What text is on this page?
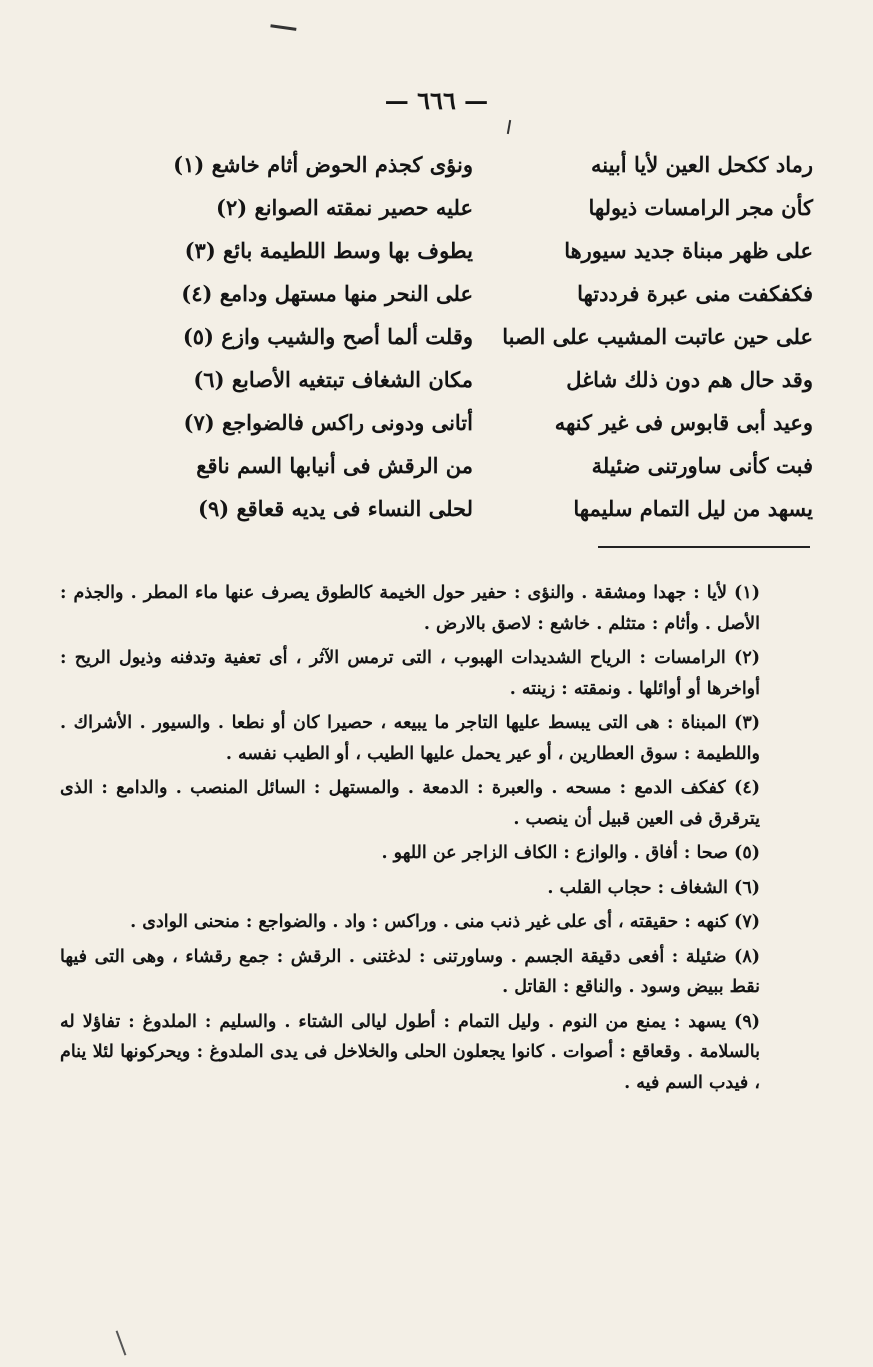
— ٦٦٦ —
رماد ككحل العين لأيا أبينه
ونؤى كجذم الحوض أثام خاشع (١)
كأن مجر الرامسات ذيولها
عليه حصير نمقته الصوانع (٢)
على ظهر مبناة جديد سيورها
يطوف بها وسط اللطيمة بائع (٣)
فكفكفت منى عبرة فرددتها
على النحر منها مستهل ودامع (٤)
على حين عاتبت المشيب على الصبا
وقلت ألما أصح والشيب وازع (٥)
وقد حال هم دون ذلك شاغل
مكان الشغاف تبتغيه الأصابع (٦)
وعيد أبى قابوس فى غير كنهه
أتانى ودونى راكس فالضواجع (٧)
فبت كأنى ساورتنى ضئيلة
من الرقش فى أنيابها السم ناقع
يسهد من ليل التمام سليمها
لحلى النساء فى يديه قعاقع (٩)

(١) لأيا : جهدا ومشقة . والنؤى : حفير حول الخيمة كالطوق يصرف عنها ماء المطر . والجذم : الأصل . وأثام : متثلم . خاشع : لاصق بالارض .

(٢) الرامسات : الرياح الشديدات الهبوب ، التى ترمس الآثر ، أى تعفية وتدفنه وذيول الريح : أواخرها أو أوائلها . ونمقته : زينته .

(٣) المبناة : هى التى يبسط عليها التاجر ما يبيعه ، حصيرا كان أو نطعا . والسيور . الأشراك . واللطيمة : سوق العطارين ، أو عير يحمل عليها الطيب ، أو الطيب نفسه .

(٤) كفكف الدمع : مسحه . والعبرة : الدمعة . والمستهل : السائل المنصب . والدامع : الذى يترقرق فى العين قبيل أن ينصب .

(٥) صحا : أفاق . والوازع : الكاف الزاجر عن اللهو .

(٦) الشغاف : حجاب القلب .

(٧) كنهه : حقيقته ، أى على غير ذنب منى . وراكس : واد . والضواجع : منحنى الوادى .

(٨) ضئيلة : أفعى دقيقة الجسم . وساورتنى : لدغتنى . الرقش : جمع رقشاء ، وهى التى فيها نقط ببيض وسود . والناقع : القاتل .

(٩) يسهد : يمنع من النوم . وليل التمام : أطول ليالى الشتاء . والسليم : الملدوغ : تفاؤلا له بالسلامة . وقعاقع : أصوات . كانوا يجعلون الحلى والخلاخل فى يدى الملدوغ : ويحركونها لئلا ينام ، فيدب السم فيه .
